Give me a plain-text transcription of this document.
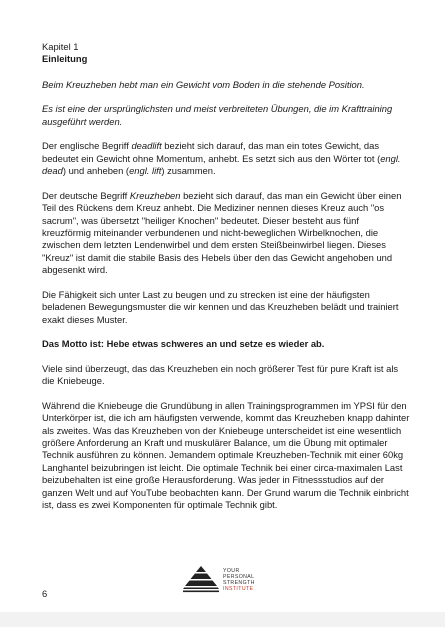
Kapitel 1
Einleitung

Beim Kreuzheben hebt man ein Gewicht vom Boden in die stehende Position.

Es ist eine der ursprünglichsten und meist verbreiteten Übungen, die im Krafttraining ausgeführt werden.

Der englische Begriff deadlift bezieht sich darauf, das man ein totes Gewicht, das bedeutet ein Gewicht ohne Momentum, anhebt. Es setzt sich aus den Wörter tot (engl. dead) und anheben (engl. lift) zusammen.

Der deutsche Begriff Kreuzheben bezieht sich darauf, das man ein Gewicht über einen Teil des Rückens dem Kreuz anhebt. Die Mediziner nennen dieses Kreuz auch "os sacrum", was übersetzt "heiliger Knochen" bedeutet. Dieser besteht aus fünf kreuzförmig miteinander verbundenen und nicht-beweglichen Wirbelknochen, die zwischen dem letzten Lendenwirbel und dem ersten Steißbeinwirbel liegen. Dieses "Kreuz" ist damit die stabile Basis des Hebels über den das Gewicht angehoben und abgesenkt wird.

Die Fähigkeit sich unter Last zu beugen und zu strecken ist eine der häufigsten beladenen Bewegungsmuster die wir kennen und das Kreuzheben belädt und trainiert exakt dieses Muster.

Das Motto ist: Hebe etwas schweres an und setze es wieder ab.

Viele sind überzeugt, das das Kreuzheben ein noch größerer Test für pure Kraft ist als die Kniebeuge.

Während die Kniebeuge die Grundübung in allen Trainingsprogrammen im YPSI für den Unterkörper ist, die ich am häufigsten verwende, kommt das Kreuzheben knapp dahinter als zweites. Was das Kreuzheben von der Kniebeuge unterscheidet ist eine wesentlich größere Anforderung an Kraft und muskulärer Balance, um die Übung mit optimaler Technik ausführen zu können. Jemandem optimale Kreuzheben-Technik mit einer 60kg Langhantel beizubringen ist leicht. Die optimale Technik bei einer circa-maximalen Last beizubehalten ist eine große Herausforderung. Was jeder in Fitnessstudios auf der ganzen Welt und auf YouTube beobachten kann. Der Grund warum die Technik einbricht ist, dass es zwei Komponenten für optimale Technik gibt.

6
YOUR
PERSONAL
STRENGTH
INSTITUTE
